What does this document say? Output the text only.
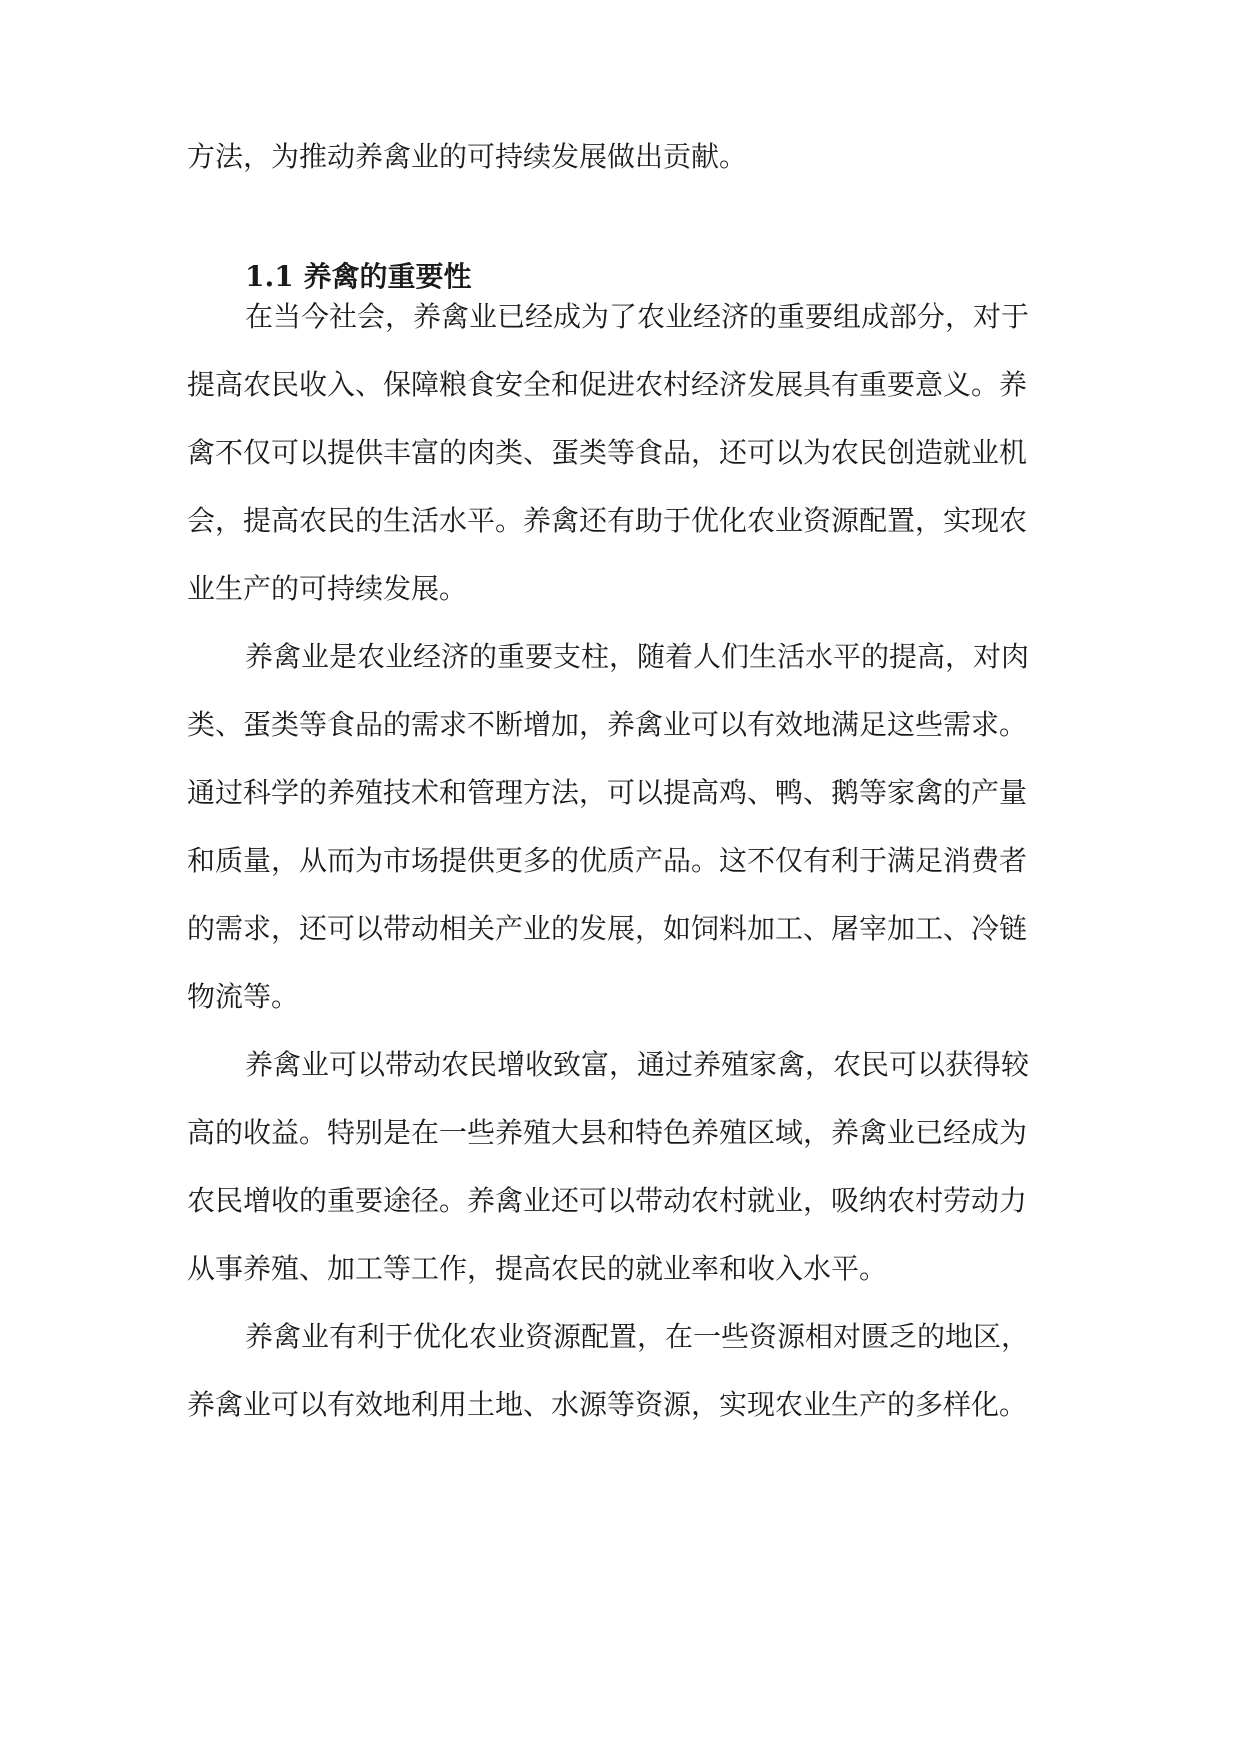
方法，为推动养禽业的可持续发展做出贡献。
1.1 养禽的重要性
在当今社会，养禽业已经成为了农业经济的重要组成部分，对于
提高农民收入、保障粮食安全和促进农村经济发展具有重要意义。养
禽不仅可以提供丰富的肉类、蛋类等食品，还可以为农民创造就业机
会，提高农民的生活水平。养禽还有助于优化农业资源配置，实现农
业生产的可持续发展。
养禽业是农业经济的重要支柱，随着人们生活水平的提高，对肉
类、蛋类等食品的需求不断增加，养禽业可以有效地满足这些需求。
通过科学的养殖技术和管理方法，可以提高鸡、鸭、鹅等家禽的产量
和质量，从而为市场提供更多的优质产品。这不仅有利于满足消费者
的需求，还可以带动相关产业的发展，如饲料加工、屠宰加工、冷链
物流等。
养禽业可以带动农民增收致富，通过养殖家禽，农民可以获得较
高的收益。特别是在一些养殖大县和特色养殖区域，养禽业已经成为
农民增收的重要途径。养禽业还可以带动农村就业，吸纳农村劳动力
从事养殖、加工等工作，提高农民的就业率和收入水平。
养禽业有利于优化农业资源配置，在一些资源相对匮乏的地区，
养禽业可以有效地利用土地、水源等资源，实现农业生产的多样化。
